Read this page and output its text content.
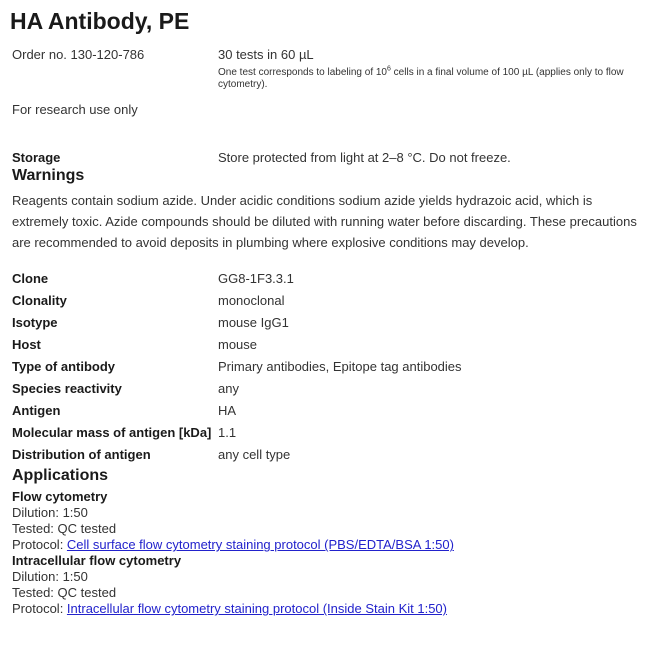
HA Antibody, PE
Order no. 130-120-786	30 tests in 60 µL
One test corresponds to labeling of $10^6$ cells in a final volume of 100 µL (applies only to flow cytometry).
For research use only
Storage	Store protected from light at 2–8 °C. Do not freeze.
Warnings

Reagents contain sodium azide. Under acidic conditions sodium azide yields hydrazoic acid, which is extremely toxic. Azide compounds should be diluted with running water before discarding. These precautions are recommended to avoid deposits in plumbing where explosive conditions may develop.

Clone	GG8-1F3.3.1
Clonality	monoclonal
Isotype	mouse IgG1
Host	mouse
Type of antibody	Primary antibodies, Epitope tag antibodies
Species reactivity	any
Antigen	HA
Molecular mass of antigen [kDa] 1.1
Distribution of antigen	any cell type
Applications
Flow cytometry
Dilution: 1:50
Tested: QC tested
Protocol: Cell surface flow cytometry staining protocol (PBS/EDTA/BSA 1:50)
Intracellular flow cytometry
Dilution: 1:50
Tested: QC tested
Protocol: Intracellular flow cytometry staining protocol (Inside Stain Kit 1:50)
